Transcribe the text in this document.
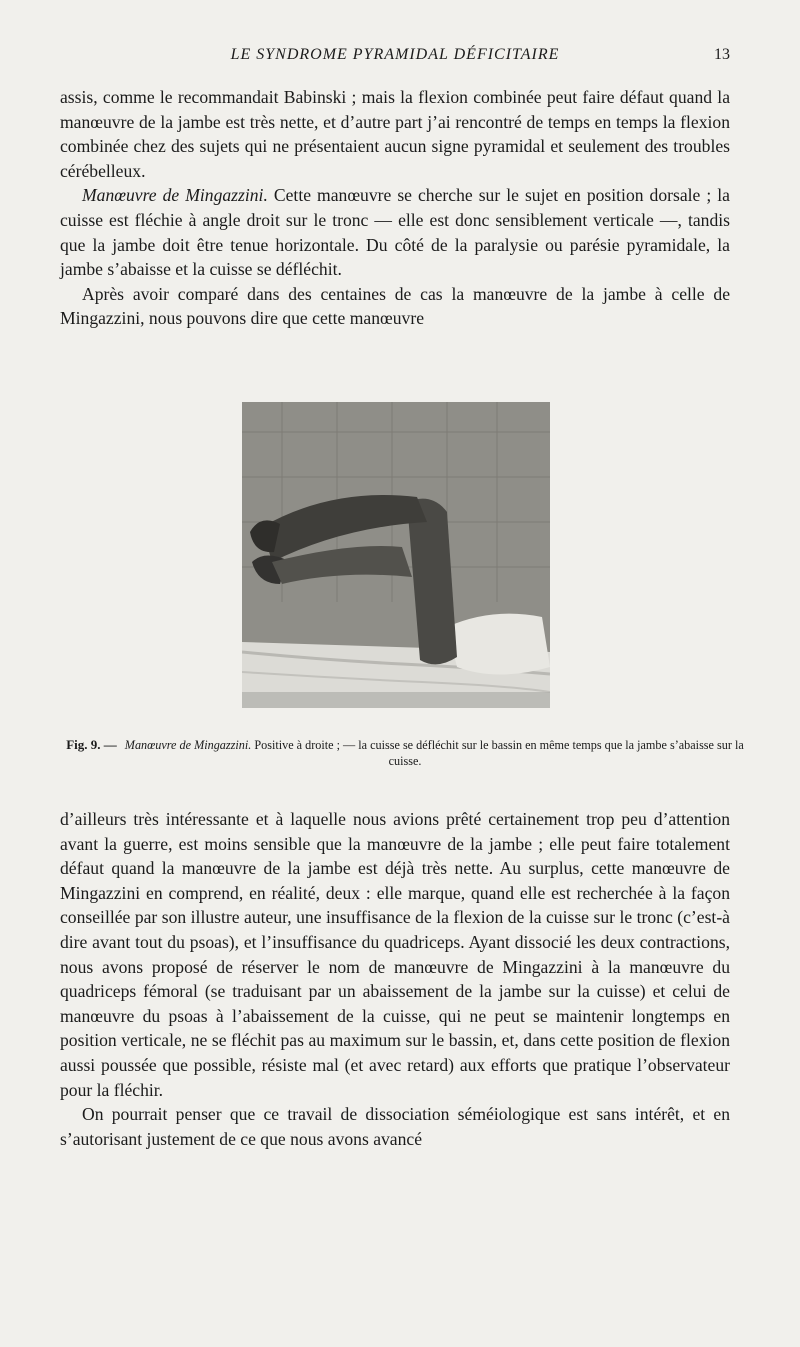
LE SYNDROME PYRAMIDAL DÉFICITAIRE	13

assis, comme le recommandait Babinski ; mais la flexion combinée peut faire défaut quand la manœuvre de la jambe est très nette, et d’autre part j’ai rencontré de temps en temps la flexion combinée chez des sujets qui ne présentaient aucun signe pyramidal et seulement des troubles cérébelleux.

Manœuvre de Mingazzini. Cette manœuvre se cherche sur le sujet en position dorsale ; la cuisse est fléchie à angle droit sur le tronc — elle est donc sensiblement verticale —, tandis que la jambe doit être tenue horizontale. Du côté de la paralysie ou parésie pyramidale, la jambe s’abaisse et la cuisse se défléchit.

Après avoir comparé dans des centaines de cas la manœuvre de la jambe à celle de Mingazzini, nous pouvons dire que cette manœuvre

Fig. 9. — Manœuvre de Mingazzini. Positive à droite ; — la cuisse se défléchit sur le bassin en même temps que la jambe s’abaisse sur la cuisse.

d’ailleurs très intéressante et à laquelle nous avions prêté certainement trop peu d’attention avant la guerre, est moins sensible que la manœuvre de la jambe ; elle peut faire totalement défaut quand la manœuvre de la jambe est déjà très nette. Au surplus, cette manœuvre de Mingazzini en comprend, en réalité, deux : elle marque, quand elle est recherchée à la façon conseillée par son illustre auteur, une insuffisance de la flexion de la cuisse sur le tronc (c’est-à dire avant tout du psoas), et l’insuffisance du quadriceps. Ayant dissocié les deux contractions, nous avons proposé de réserver le nom de manœuvre de Mingazzini à la manœuvre du quadriceps fémoral (se traduisant par un abaissement de la jambe sur la cuisse) et celui de manœuvre du psoas à l’abaissement de la cuisse, qui ne peut se maintenir longtemps en position verticale, ne se fléchit pas au maximum sur le bassin, et, dans cette position de flexion aussi poussée que possible, résiste mal (et avec retard) aux efforts que pratique l’observateur pour la fléchir.

On pourrait penser que ce travail de dissociation séméiologique est sans intérêt, et en s’autorisant justement de ce que nous avons avancé
